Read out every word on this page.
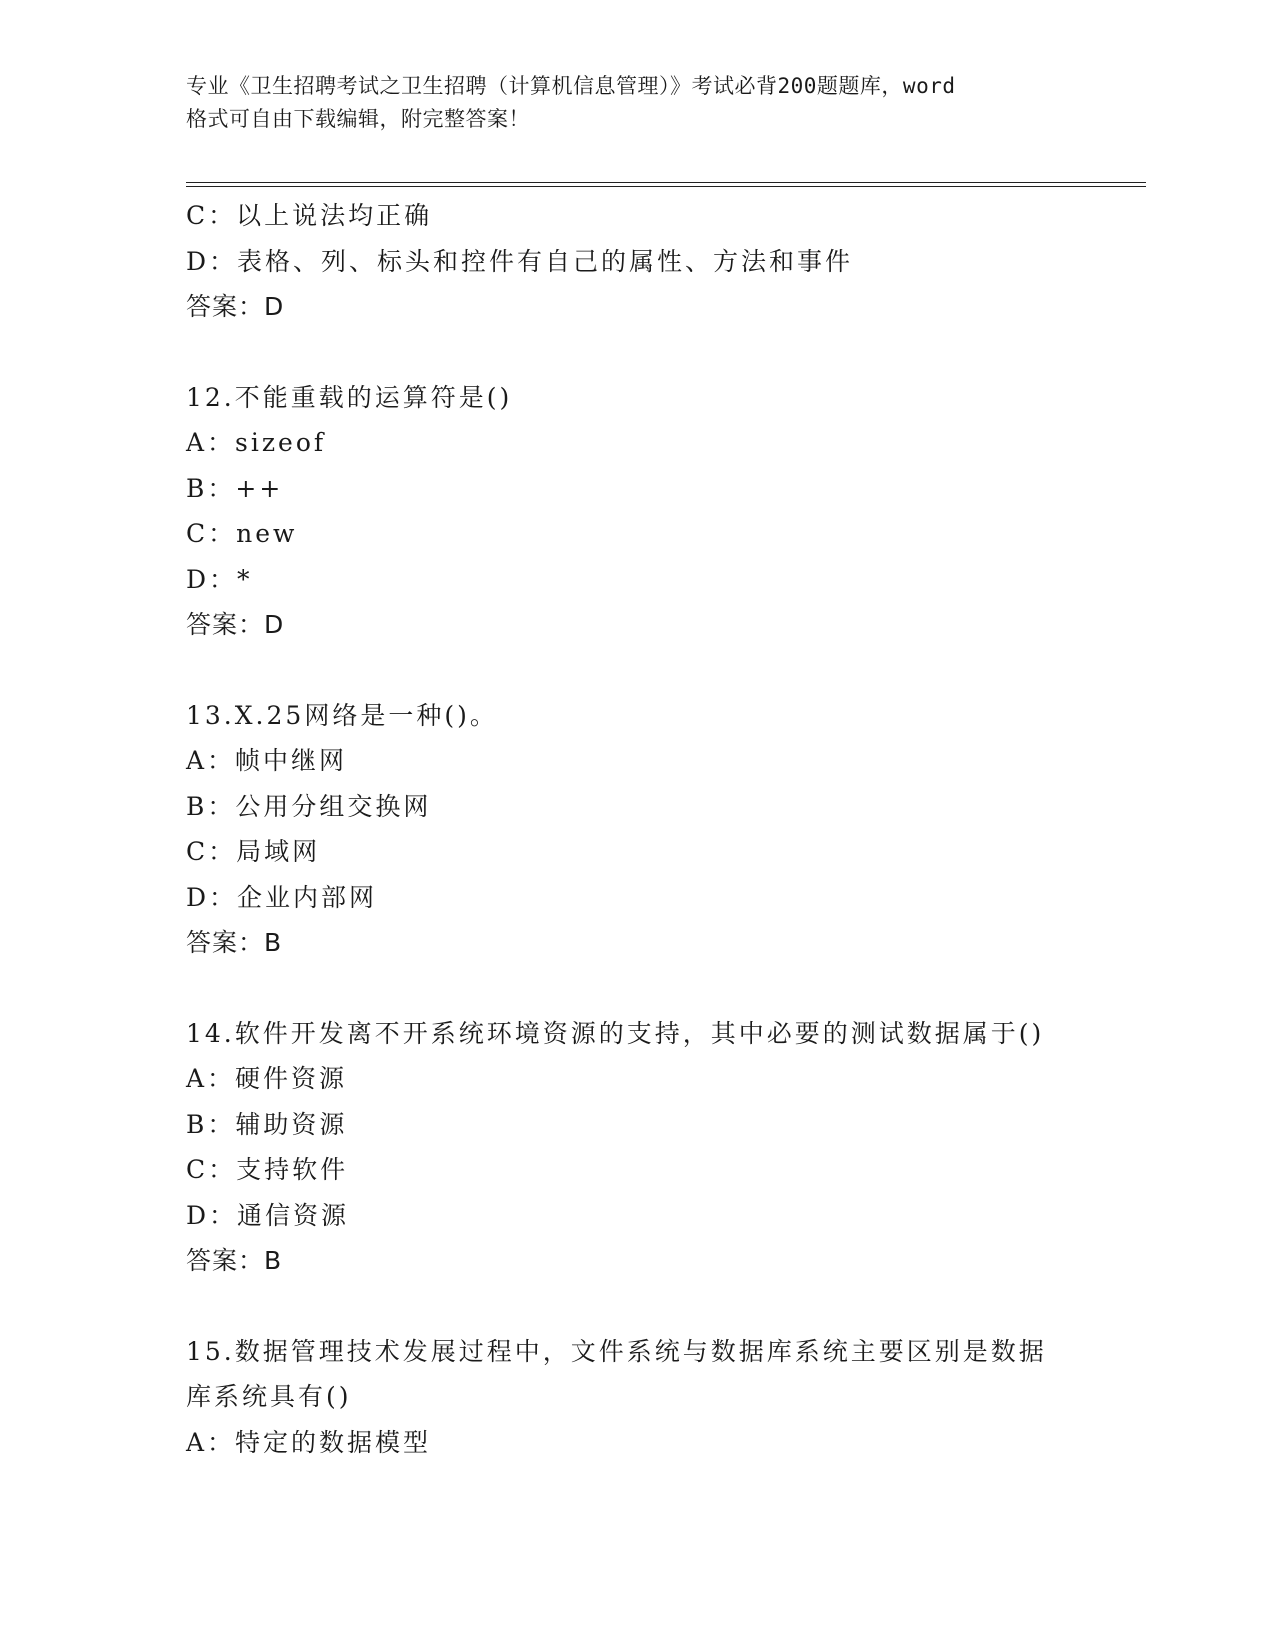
专业《卫生招聘考试之卫生招聘（计算机信息管理）》考试必背200题题库，word
格式可自由下载编辑，附完整答案！
C：以上说法均正确
D：表格、列、标头和控件有自己的属性、方法和事件
答案：D
12.不能重载的运算符是()
A：sizeof
B：++
C：new
D：*
答案：D
13.X.25网络是一种()。
A：帧中继网
B：公用分组交换网
C：局域网
D：企业内部网
答案：B
14.软件开发离不开系统环境资源的支持，其中必要的测试数据属于()
A：硬件资源
B：辅助资源
C：支持软件
D：通信资源
答案：B
15.数据管理技术发展过程中，文件系统与数据库系统主要区别是数据
库系统具有()
A：特定的数据模型
